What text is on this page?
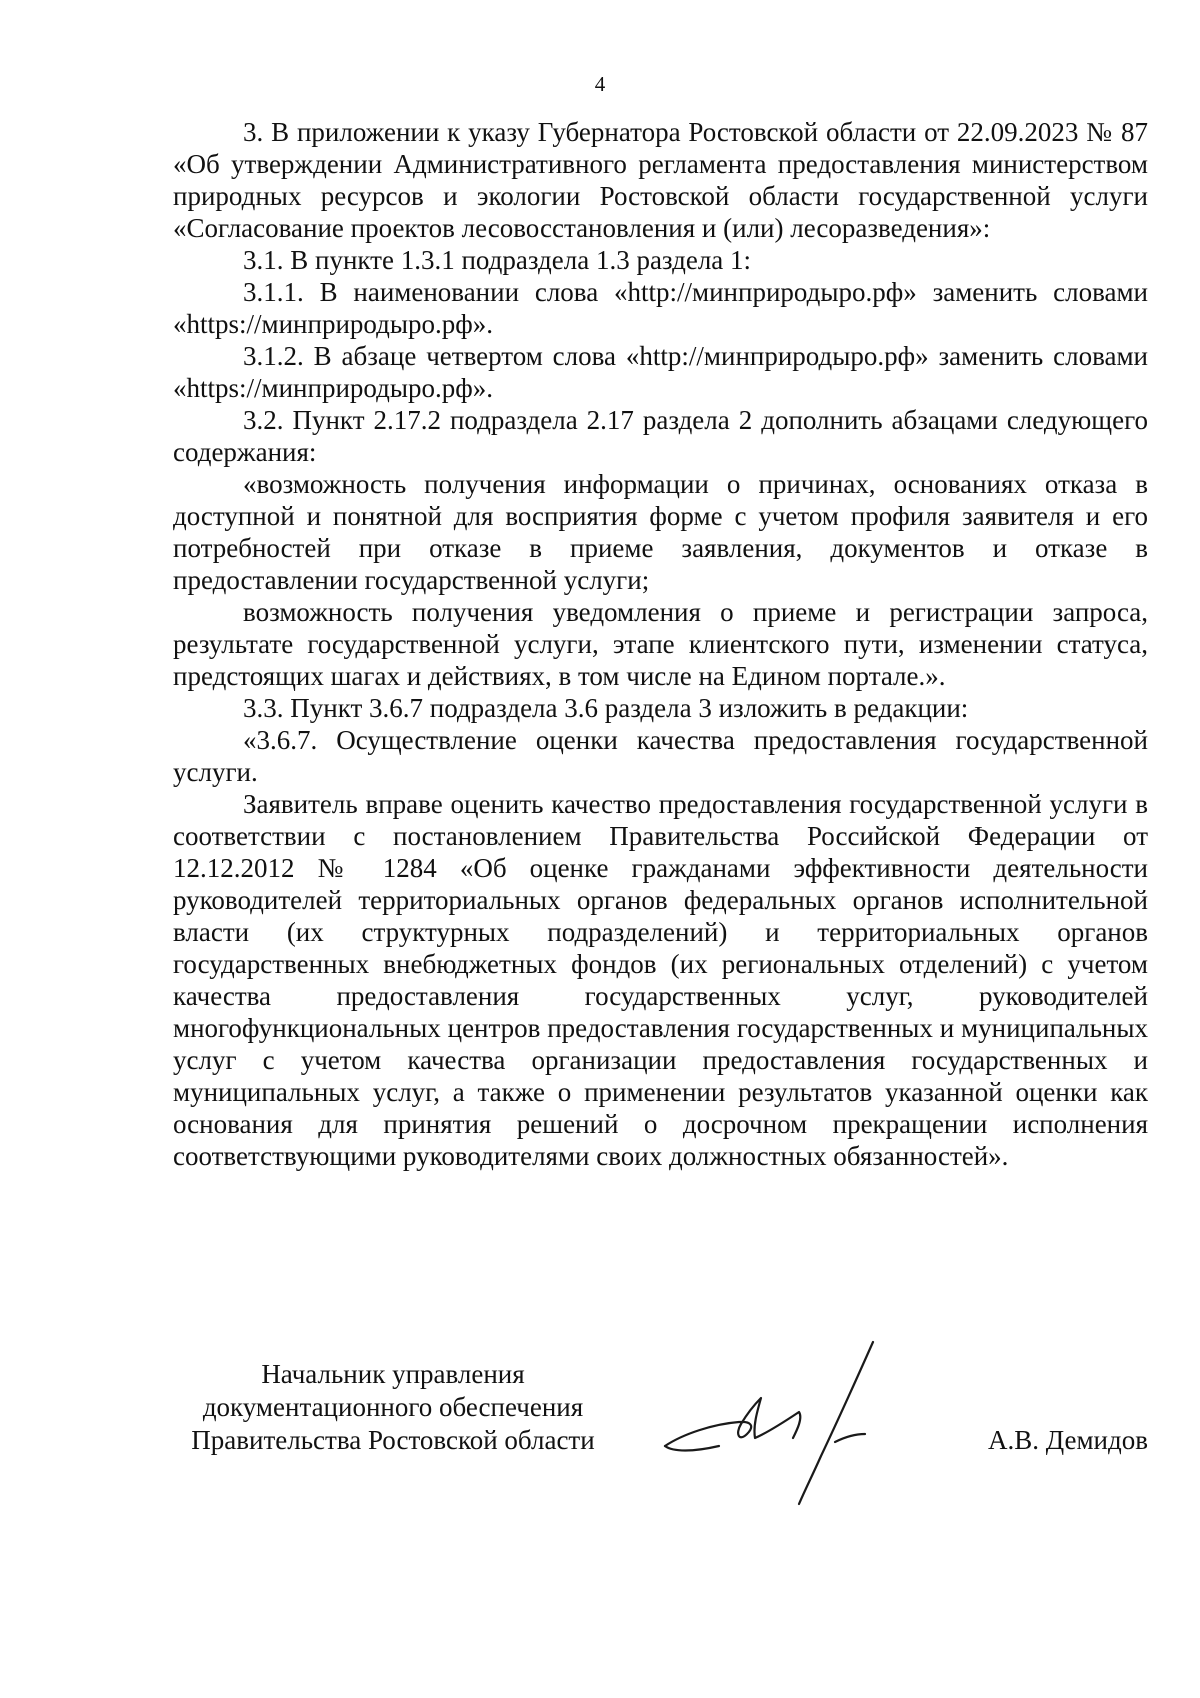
4

3. В приложении к указу Губернатора Ростовской области от 22.09.2023 № 87 «Об утверждении Административного регламента предоставления министерством природных ресурсов и экологии Ростовской области государственной услуги «Согласование проектов лесовосстановления и (или) лесоразведения»:

3.1. В пункте 1.3.1 подраздела 1.3 раздела 1:

3.1.1. В наименовании слова «http://минприродыро.рф» заменить словами «https://минприродыро.рф».

3.1.2. В абзаце четвертом слова «http://минприродыро.рф» заменить словами «https://минприродыро.рф».

3.2. Пункт 2.17.2 подраздела 2.17 раздела 2 дополнить абзацами следующего содержания:

«возможность получения информации о причинах, основаниях отказа в доступной и понятной для восприятия форме с учетом профиля заявителя и его потребностей при отказе в приеме заявления, документов и отказе в предоставлении государственной услуги;

возможность получения уведомления о приеме и регистрации запроса, результате государственной услуги, этапе клиентского пути, изменении статуса, предстоящих шагах и действиях, в том числе на Едином портале.».

3.3. Пункт 3.6.7 подраздела 3.6 раздела 3 изложить в редакции:

«3.6.7. Осуществление оценки качества предоставления государственной услуги.

Заявитель вправе оценить качество предоставления государственной услуги в соответствии с постановлением Правительства Российской Федерации от 12.12.2012 № 1284 «Об оценке гражданами эффективности деятельности руководителей территориальных органов федеральных органов исполнительной власти (их структурных подразделений) и территориальных органов государственных внебюджетных фондов (их региональных отделений) с учетом качества предоставления государственных услуг, руководителей многофункциональных центров предоставления государственных и муниципальных услуг с учетом качества организации предоставления государственных и муниципальных услуг, а также о применении результатов указанной оценки как основания для принятия решений о досрочном прекращении исполнения соответствующими руководителями своих должностных обязанностей».

Начальник управления
документационного обеспечения
Правительства Ростовской области	А.В. Демидов
